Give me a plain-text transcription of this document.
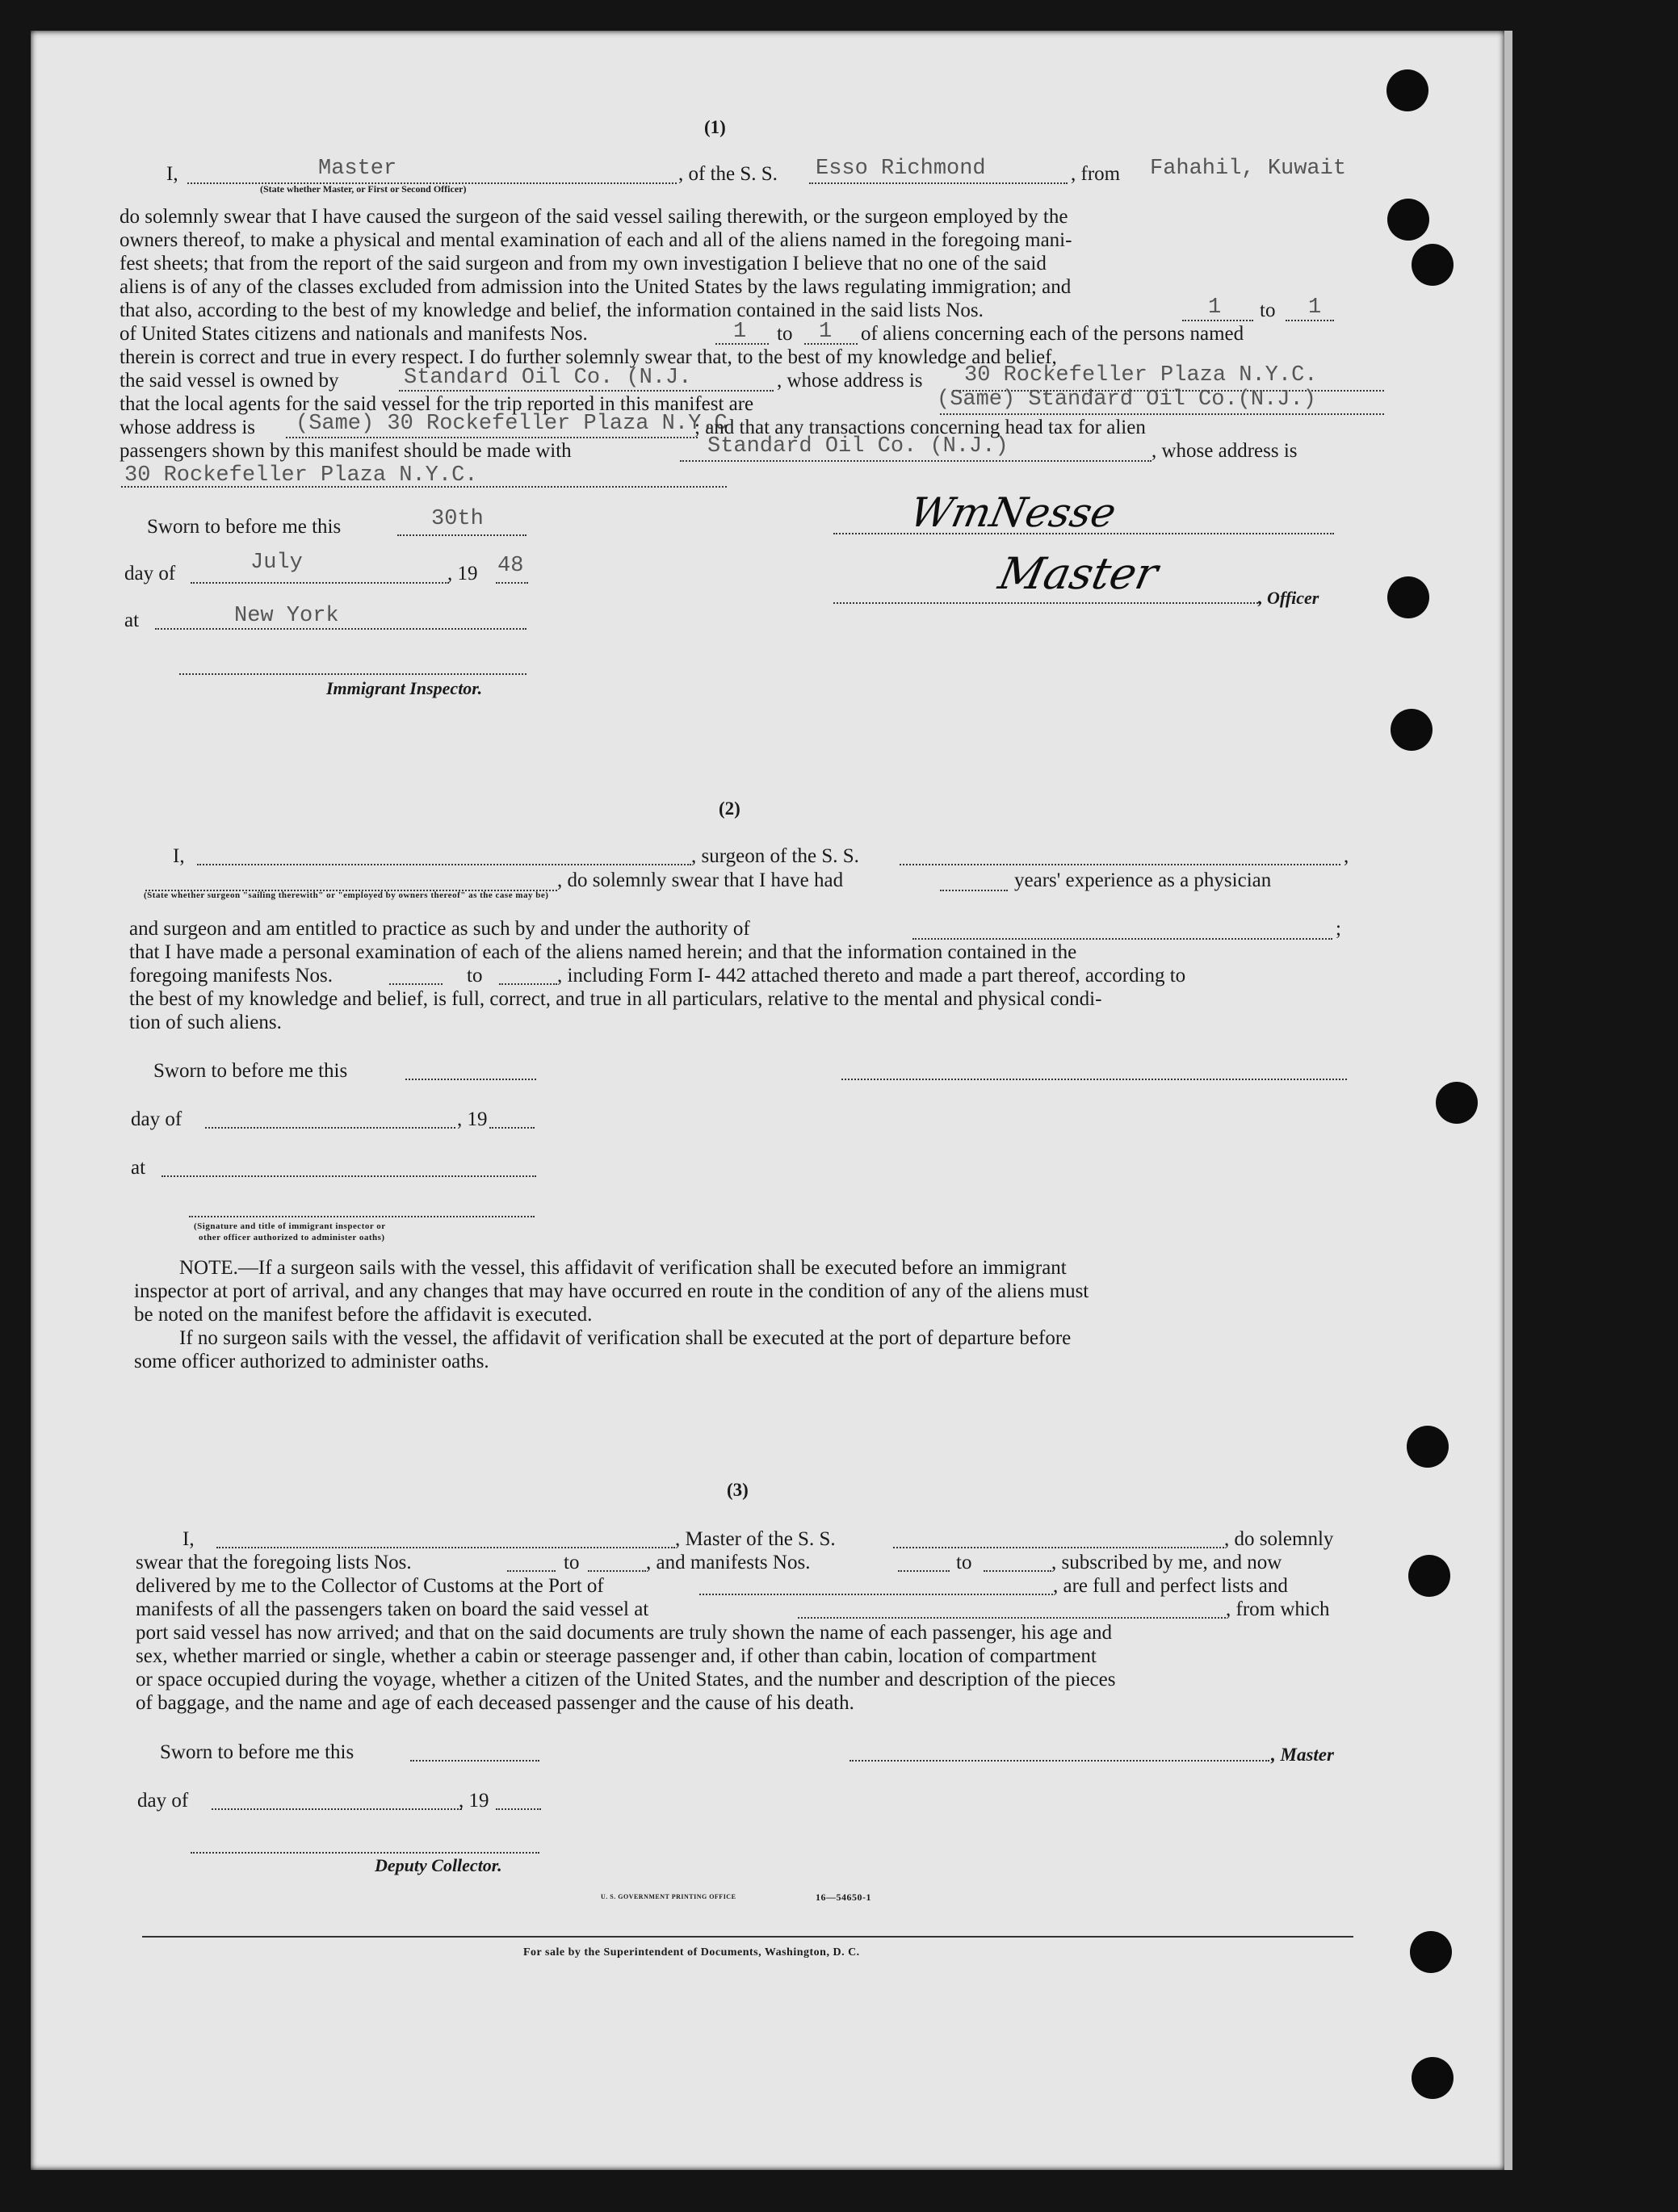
(1)
I,	Master	, of the S. S. Esso Richmond	, from Fahahil, Kuwait
(State whether Master, or First or Second Officer)
do solemnly swear that I have caused the surgeon of the said vessel sailing therewith, or the surgeon employed by the
owners thereof, to make a physical and mental examination of each and all of the aliens named in the foregoing mani-
fest sheets; that from the report of the said surgeon and from my own investigation I believe that no one of the said
aliens is of any of the classes excluded from admission into the United States by the laws regulating immigration; and
that also, according to the best of my knowledge and belief, the information contained in the said lists Nos.	1 to 1
of United States citizens and nationals and manifests Nos.	1 to 1 of aliens concerning each of the persons named
therein is correct and true in every respect. I do further solemnly swear that, to the best of my knowledge and belief,
the said vessel is owned by	Standard Oil Co. (N.J.	, whose address is 30 Rockefeller Plaza N.Y.C.
that the local agents for the said vessel for the trip reported in this manifest are	(Same) Standard Oil Co.(N.J.)
whose address is (Same) 30 Rockefeller Plaza N.Y.C
; and that any transactions concerning head tax for alien
passengers shown by this manifest should be made with	Standard Oil Co. (N.J.)	, whose address is
30 Rockefeller Plaza N.Y.C.
Sworn to before me this	30th
day of	July	, 19 48
at	New York
Immigrant Inspector.
WmNesse
Master	, Officer
(2)
I,	, surgeon of the S. S.	,
, do solemnly swear that I have had	years' experience as a physician
(State whether surgeon "sailing therewith" or "employed by owners thereof" as the case may be)
and surgeon and am entitled to practice as such by and under the authority of	;
that I have made a personal examination of each of the aliens named herein; and that the information contained in the
foregoing manifests Nos.	to	, including Form I- 442 attached thereto and made a part thereof, according to
the best of my knowledge and belief, is full, correct, and true in all particulars, relative to the mental and physical condi-
tion of such aliens.
Sworn to before me this
day of	, 19
at
(Signature and title of immigrant inspector or
other officer authorized to administer oaths)
NOTE.—If a surgeon sails with the vessel, this affidavit of verification shall be executed before an immigrant
inspector at port of arrival, and any changes that may have occurred en route in the condition of any of the aliens must
be noted on the manifest before the affidavit is executed.
If no surgeon sails with the vessel, the affidavit of verification shall be executed at the port of departure before
some officer authorized to administer oaths.
(3)
I,	, Master of the S. S.	, do solemnly
swear that the foregoing lists Nos.	to	, and manifests Nos.	to	, subscribed by me, and now
delivered by me to the Collector of Customs at the Port of	, are full and perfect lists and
manifests of all the passengers taken on board the said vessel at	, from which
port said vessel has now arrived; and that on the said documents are truly shown the name of each passenger, his age and
sex, whether married or single, whether a cabin or steerage passenger and, if other than cabin, location of compartment
or space occupied during the voyage, whether a citizen of the United States, and the number and description of the pieces
of baggage, and the name and age of each deceased passenger and the cause of his death.
Sworn to before me this	, Master
day of	, 19
Deputy Collector.
U. S. GOVERNMENT PRINTING OFFICE	16—54650-1
For sale by the Superintendent of Documents, Washington, D. C.
